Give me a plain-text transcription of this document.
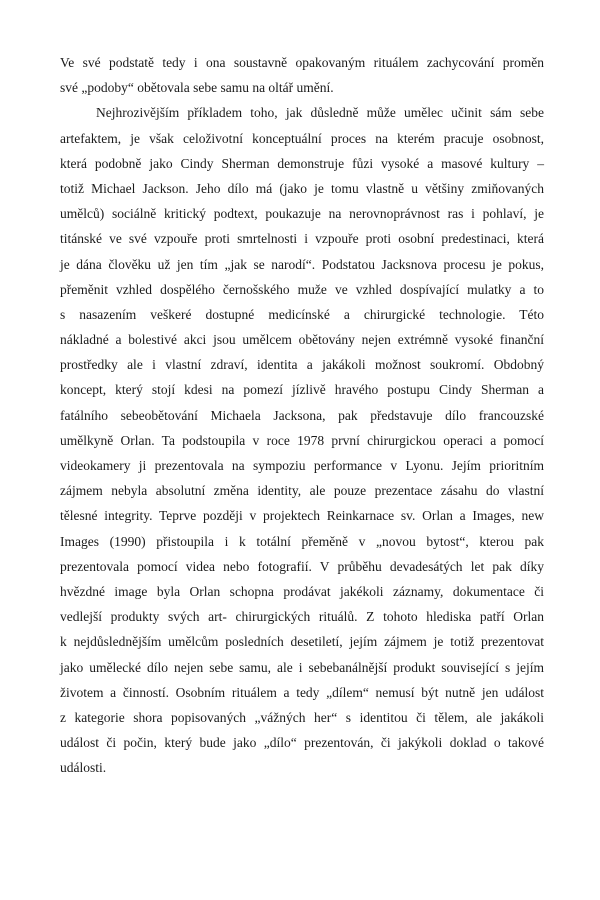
Ve své podstatě tedy i ona soustavně opakovaným rituálem zachycování proměn
své „podoby“ obětovala sebe samu na oltář umění.
Nejhrozivějším příkladem toho, jak důsledně může umělec učinit sám sebe
artefaktem, je však celoživotní konceptuální proces na kterém pracuje osobnost,
která podobně jako Cindy Sherman demonstruje fůzi vysoké a masové kultury –
totiž Michael Jackson. Jeho dílo má (jako je tomu vlastně u většiny zmiňovaných
umělců) sociálně kritický podtext, poukazuje na nerovnoprávnost ras i pohlaví, je
titánské ve své vzpouře proti smrtelnosti i vzpouře proti osobní predestinaci, která
je dána člověku už jen tím „jak se narodí“. Podstatou Jacksnova procesu je pokus,
přeměnit vzhled dospělého černošského muže ve vzhled dospívající mulatky a to
s nasazením veškeré dostupné medicínské a chirurgické technologie. Této
nákladné a bolestivé akci jsou umělcem obětovány nejen extrémně vysoké finanční
prostředky ale i vlastní zdraví, identita a jakákoli možnost soukromí. Obdobný
koncept, který stojí kdesi na pomezí jízlivě hravého postupu Cindy Sherman a
fatálního sebeobětování Michaela Jacksona, pak představuje dílo francouzské
umělkyně Orlan. Ta podstoupila v roce 1978 první chirurgickou operaci a pomocí
videokamery ji prezentovala na sympoziu performance v Lyonu. Jejím prioritním
zájmem nebyla absolutní změna identity, ale pouze prezentace zásahu do vlastní
tělesné integrity. Teprve později v projektech Reinkarnace sv. Orlan a Images, new
Images (1990) přistoupila i k totální přeměně v „novou bytost“, kterou pak
prezentovala pomocí videa nebo fotografií. V průběhu devadesátých let pak díky
hvězdné image byla Orlan schopna prodávat jakékoli záznamy, dokumentace či
vedlejší produkty svých art- chirurgických rituálů. Z tohoto hlediska patří Orlan
k nejdůslednějším umělcům posledních desetiletí, jejím zájmem je totiž prezentovat
jako umělecké dílo nejen sebe samu, ale i sebebanálnější produkt související s jejím
životem a činností. Osobním rituálem a tedy „dílem“ nemusí být nutně jen událost
z kategorie shora popisovaných „vážných her“ s identitou či tělem, ale jakákoli
událost či počin, který bude jako „dílo“ prezentován, či jakýkoli doklad o takové
události.
